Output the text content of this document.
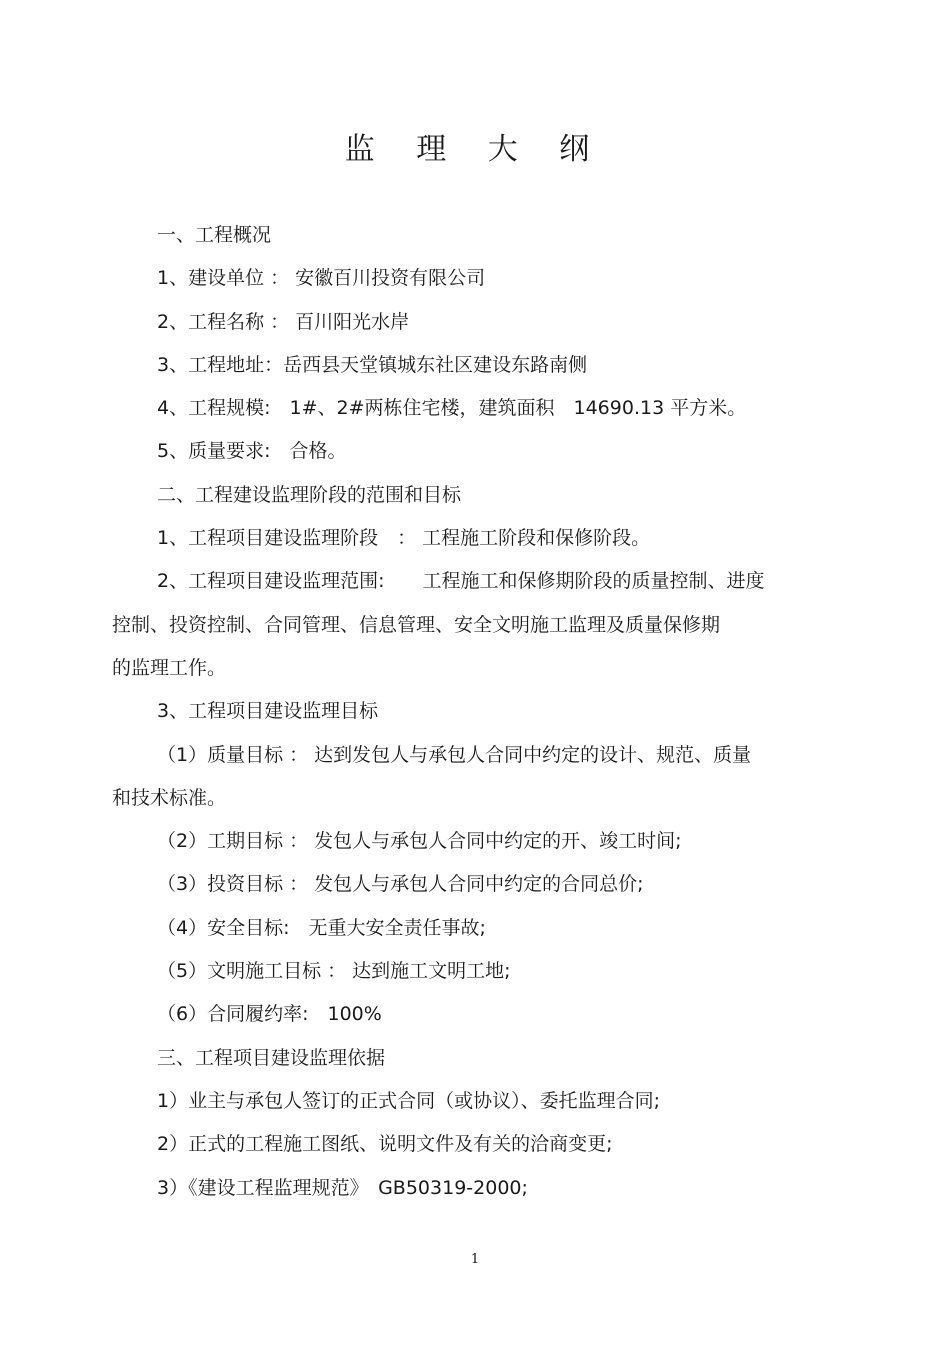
监 理 大 纲

一、工程概况

1、建设单位 ： 安徽百川投资有限公司

2、工程名称 ： 百川阳光水岸

3、工程地址：岳西县天堂镇城东社区建设东路南侧

4、工程规模:　1#、2#两栋住宅楼，建筑面积　14690.13 平方米。

5、质量要求:　合格。

二、工程建设监理阶段的范围和目标

1、工程项目建设监理阶段　： 工程施工阶段和保修阶段。

2、工程项目建设监理范围:　　工程施工和保修期阶段的质量控制、进度

控制、投资控制、合同管理、信息管理、安全文明施工监理及质量保修期

的监理工作。

3、工程项目建设监理目标

（1）质量目标 ： 达到发包人与承包人合同中约定的设计、规范、质量

和技术标准。

（2）工期目标 ： 发包人与承包人合同中约定的开、竣工时间;

（3）投资目标 ： 发包人与承包人合同中约定的合同总价;

（4）安全目标:　无重大安全责任事故;

（5）文明施工目标 ： 达到施工文明工地;

（6）合同履约率:　100%

三、工程项目建设监理依据

1）业主与承包人签订的正式合同（或协议）、委托监理合同;

2）正式的工程施工图纸、说明文件及有关的洽商变更;

3）《建设工程监理规范》　GB50319-2000;

1
